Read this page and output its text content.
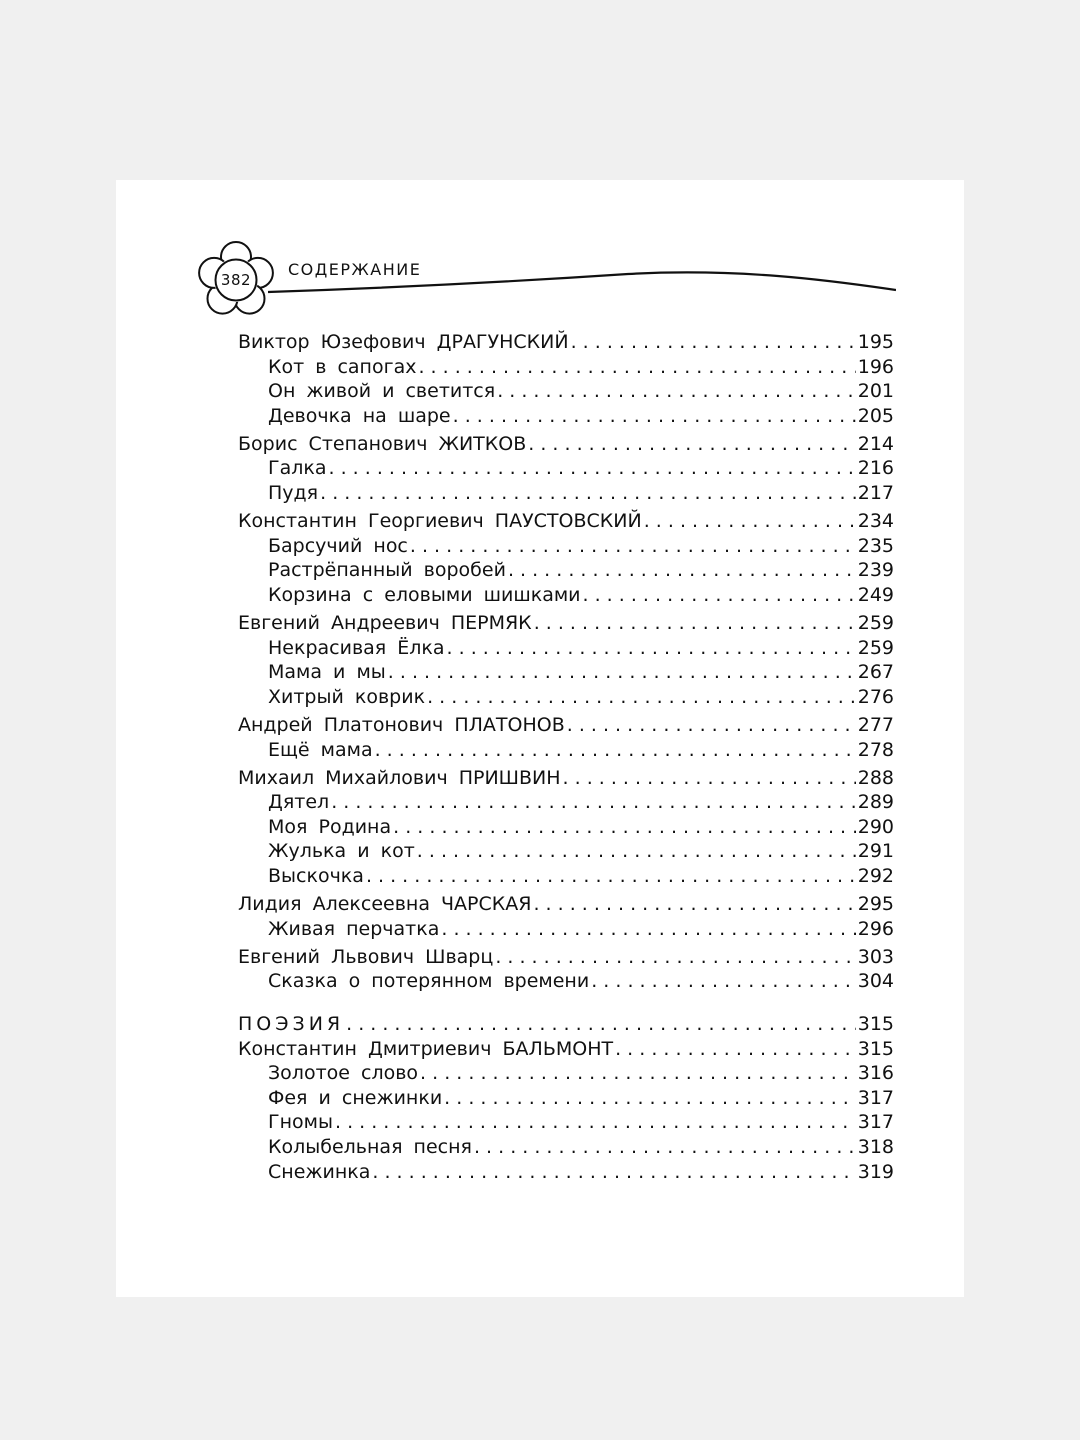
382
СОДЕРЖАНИЕ
Виктор Юзефович ДРАГУНСКИЙ . . .	195
Кот в сапогах . . .	196
Он живой и светится . . .	201
Девочка на шаре . . .	205
Борис Степанович ЖИТКОВ . . .	214
Галка . . .	216
Пудя . . .	217
Константин Георгиевич ПАУСТОВСКИЙ . . .	234
Барсучий нос . . .	235
Растрёпанный воробей . . .	239
Корзина с еловыми шишками . . .	249
Евгений Андреевич ПЕРМЯК . . .	259
Некрасивая Ёлка . . .	259
Мама и мы . . .	267
Хитрый коврик . . .	276
Андрей Платонович ПЛАТОНОВ . . .	277
Ещё мама . . .	278
Михаил Михайлович ПРИШВИН . . .	288
Дятел . . .	289
Моя Родина . . .	290
Жулька и кот . . .	291
Выскочка . . .	292
Лидия Алексеевна ЧАРСКАЯ . . .	295
Живая перчатка . . .	296
Евгений Львович Шварц . . .	303
Сказка о потерянном времени . . .	304
ПОЭЗИЯ . . .	315
Константин Дмитриевич БАЛЬМОНТ . . .	315
Золотое слово . . .	316
Фея и снежинки . . .	317
Гномы . . .	317
Колыбельная песня . . .	318
Снежинка . . .	319
